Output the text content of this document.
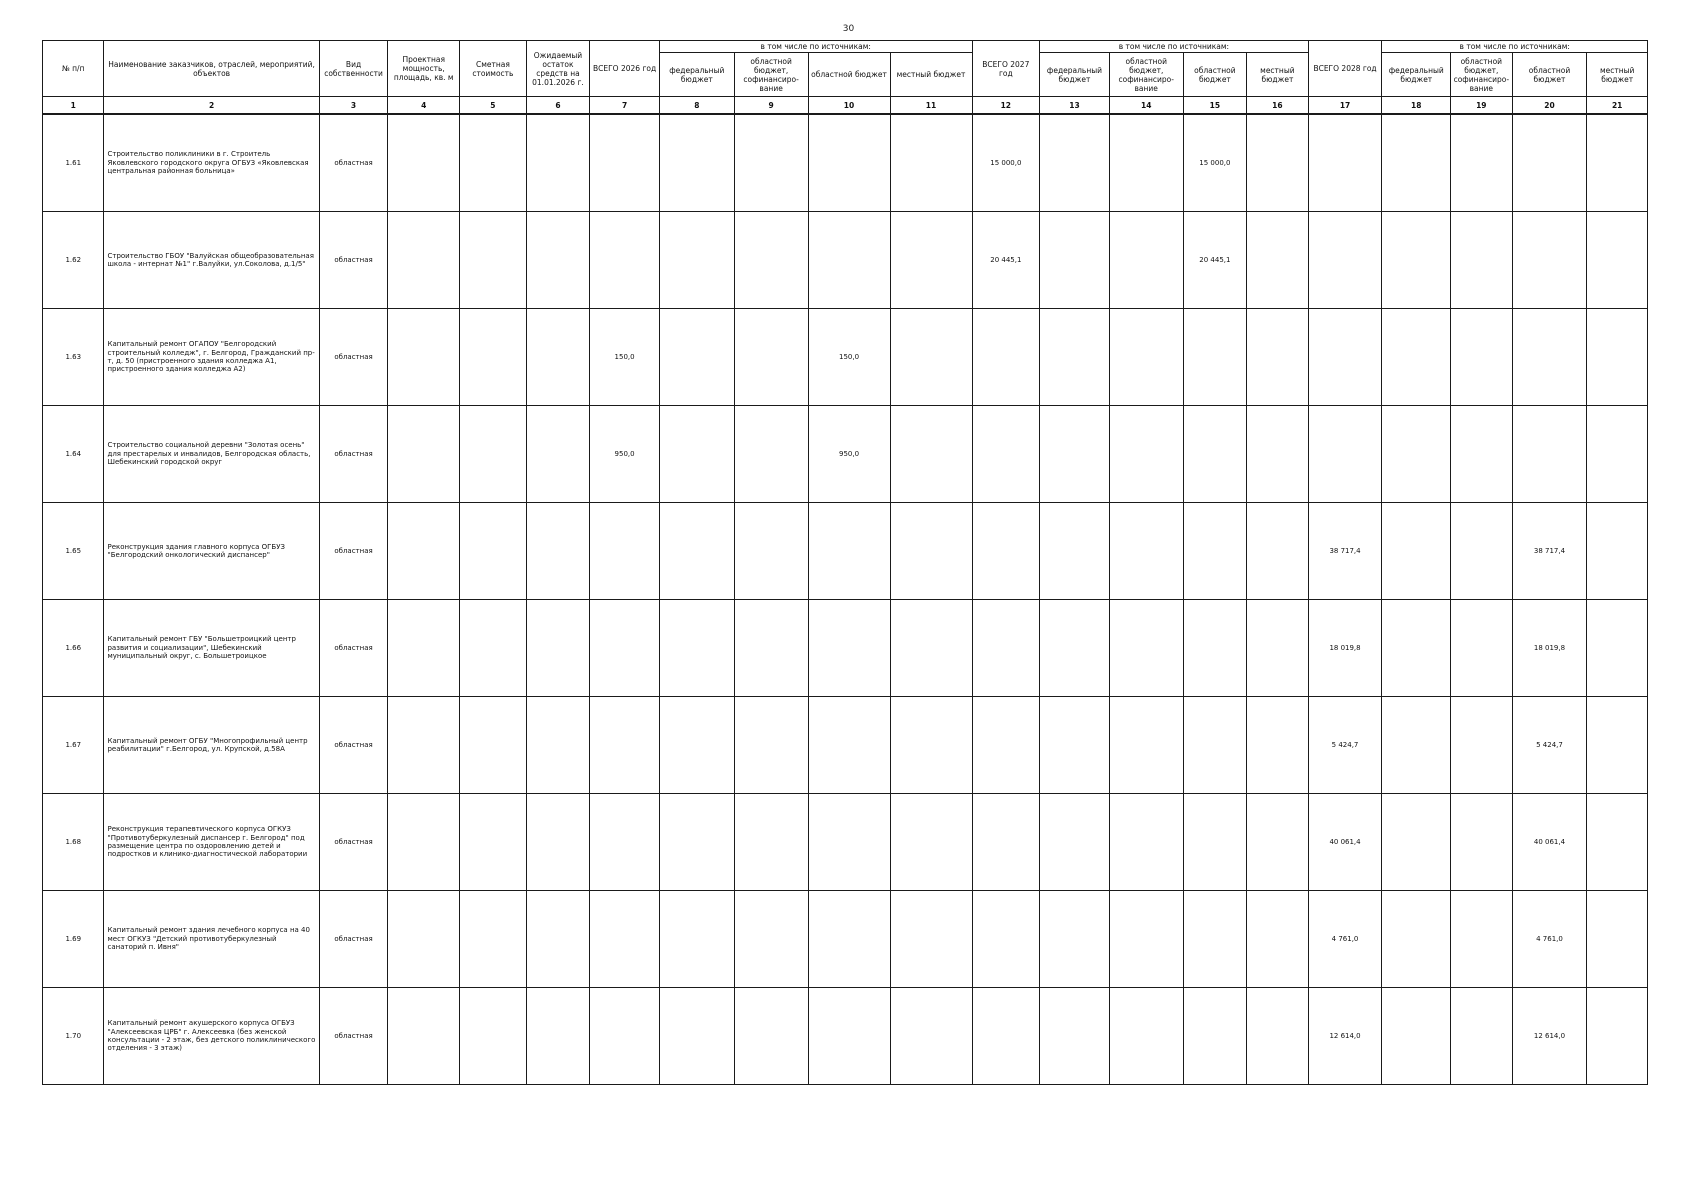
30
№ п/п	Наименование заказчиков, отраслей, мероприятий, объектов	Вид собственности	Проектная мощность, площадь, кв. м	Сметная стоимость	Ожидаемый остаток средств на 01.01.2026 г.	ВСЕГО 2026 год	в том числе по источникам:				ВСЕГО 2027 год	в том числе по источникам:				ВСЕГО 2028 год	в том числе по источникам:			
							федеральный бюджет	областной бюджет, софинансиро-вание	областной бюджет	местный бюджет		федеральный бюджет	областной бюджет, софинансиро-вание	областной бюджет	местный бюджет		федеральный бюджет	областной бюджет, софинансиро-вание	областной бюджет	местный бюджет
1	2	3	4	5	6	7	8	9	10	11	12	13	14	15	16	17	18	19	20	21
1.61	Строительство поликлиники в г. Строитель Яковлевского городского округа ОГБУЗ «Яковлевская центральная районная больница»	областная									15 000,0			15 000,0						
1.62	Строительство ГБОУ "Валуйская общеобразовательная школа - интернат №1" г.Валуйки, ул.Соколова, д.1/5"	областная									20 445,1			20 445,1						
1.63	Капитальный ремонт ОГАПОУ "Белгородский строительный колледж", г. Белгород, Гражданский пр-т, д. 50 (пристроенного здания колледжа А1, пристроенного здания колледжа А2)	областная				150,0			150,0											
1.64	Строительство социальной деревни "Золотая осень" для престарелых и инвалидов, Белгородская область, Шебекинский городской округ	областная				950,0			950,0											
1.65	Реконструкция здания главного корпуса ОГБУЗ "Белгородский онкологический диспансер"	областная														38 717,4			38 717,4	
1.66	Капитальный ремонт ГБУ "Большетроицкий центр развития и социализации", Шебекинский муниципальный округ, с. Большетроицкое	областная														18 019,8			18 019,8	
1.67	Капитальный ремонт ОГБУ "Многопрофильный центр реабилитации" г.Белгород, ул. Крупской, д.58А	областная														5 424,7			5 424,7	
1.68	Реконструкция терапевтического корпуса ОГКУЗ "Противотуберкулезный диспансер г. Белгород" под размещение центра по оздоровлению детей и подростков и клинико-диагностической лаборатории	областная														40 061,4			40 061,4	
1.69	Капитальный ремонт здания лечебного корпуса на 40 мест ОГКУЗ "Детский противотуберкулезный санаторий п. Ивня"	областная														4 761,0			4 761,0	
1.70	Капитальный ремонт акушерского корпуса ОГБУЗ "Алексеевская ЦРБ" г. Алексеевка (без женской консультации - 2 этаж, без детского поликлинического отделения - 3 этаж)	областная														12 614,0			12 614,0	
